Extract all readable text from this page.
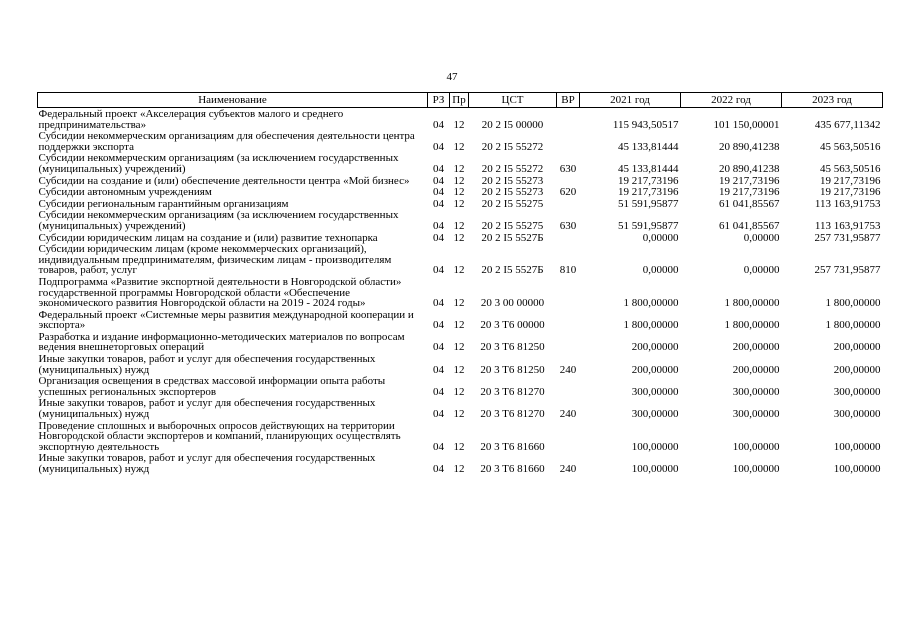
47
Наименование	РЗ	Пр	ЦСТ	ВР	2021 год	2022 год	2023 год
Федеральный проект «Акселерация субъектов малого и среднего предпринимательства»	04	12	20 2 I5 00000		115 943,50517	101 150,00001	435 677,11342
Субсидии некоммерческим организациям для обеспечения деятельности центра поддержки экспорта	04	12	20 2 I5 55272		45 133,81444	20 890,41238	45 563,50516
Субсидии некоммерческим организациям (за исключением государственных (муниципальных) учреждений)	04	12	20 2 I5 55272	630	45 133,81444	20 890,41238	45 563,50516
Субсидии на создание и (или) обеспечение деятельности центра «Мой бизнес»	04	12	20 2 I5 55273		19 217,73196	19 217,73196	19 217,73196
Субсидии автономным учреждениям	04	12	20 2 I5 55273	620	19 217,73196	19 217,73196	19 217,73196
Субсидии региональным гарантийным организациям	04	12	20 2 I5 55275		51 591,95877	61 041,85567	113 163,91753
Субсидии некоммерческим организациям (за исключением государственных (муниципальных) учреждений)	04	12	20 2 I5 55275	630	51 591,95877	61 041,85567	113 163,91753
Субсидии юридическим лицам на создание и (или) развитие технопарка	04	12	20 2 I5 5527Б		0,00000	0,00000	257 731,95877
Субсидии юридическим лицам (кроме некоммерческих организаций), индивидуальным предпринимателям, физическим лицам - производителям товаров, работ, услуг	04	12	20 2 I5 5527Б	810	0,00000	0,00000	257 731,95877
Подпрограмма «Развитие экспортной деятельности в Новгородской области» государственной программы Новгородской области «Обеспечение экономического развития Новгородской области на 2019 - 2024 годы»	04	12	20 3 00 00000		1 800,00000	1 800,00000	1 800,00000
Федеральный проект «Системные меры развития международной кооперации и экспорта»	04	12	20 3 T6 00000		1 800,00000	1 800,00000	1 800,00000
Разработка и издание информационно-методических материалов по вопросам ведения внешнеторговых операций	04	12	20 3 T6 81250		200,00000	200,00000	200,00000
Иные закупки товаров, работ и услуг для обеспечения государственных (муниципальных) нужд	04	12	20 3 T6 81250	240	200,00000	200,00000	200,00000
Организация освещения в средствах массовой информации опыта работы успешных региональных экспортеров	04	12	20 3 T6 81270		300,00000	300,00000	300,00000
Иные закупки товаров, работ и услуг для обеспечения государственных (муниципальных) нужд	04	12	20 3 T6 81270	240	300,00000	300,00000	300,00000
Проведение сплошных и выборочных опросов действующих на территории Новгородской области экспортеров и компаний, планирующих осуществлять экспортную деятельность	04	12	20 3 T6 81660		100,00000	100,00000	100,00000
Иные закупки товаров, работ и услуг для обеспечения государственных (муниципальных) нужд	04	12	20 3 T6 81660	240	100,00000	100,00000	100,00000
